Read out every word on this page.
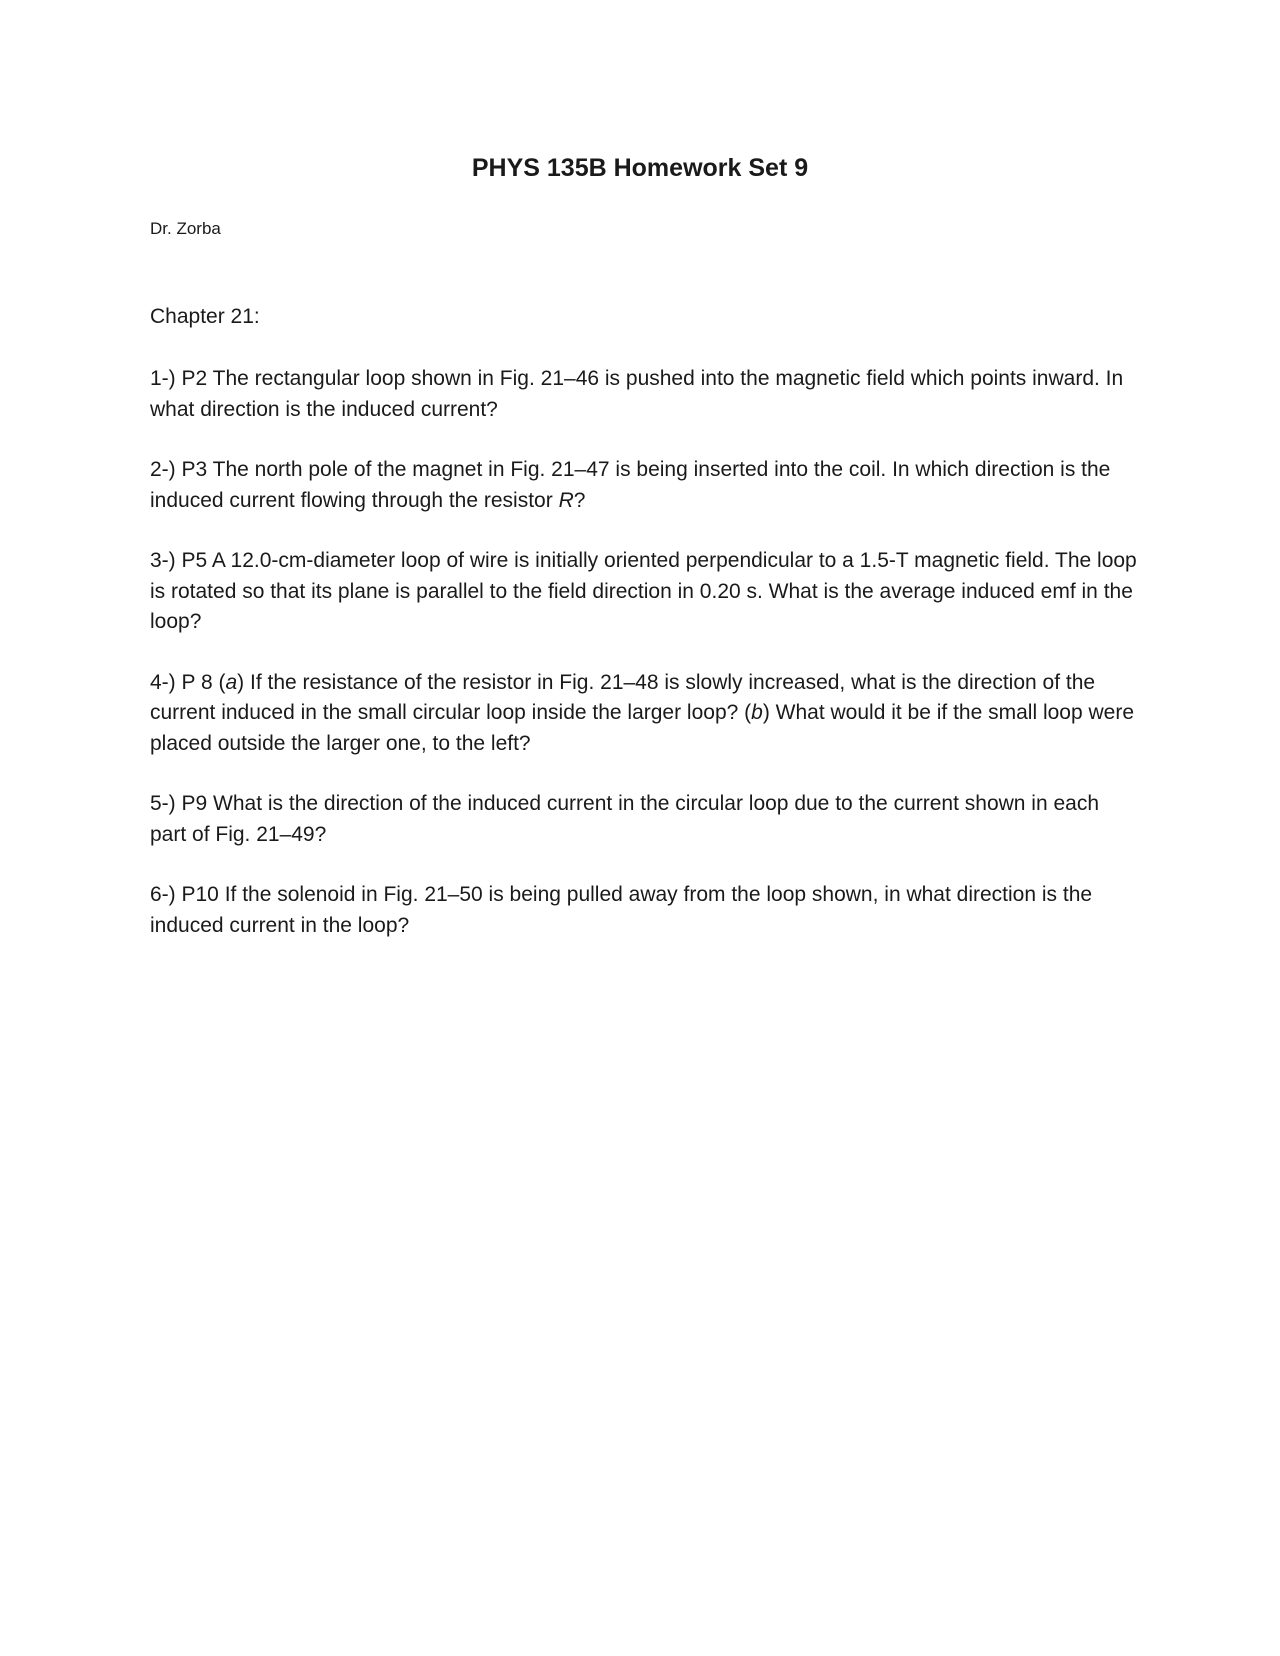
PHYS 135B Homework Set 9

Dr. Zorba

Chapter 21:

1-) P2 The rectangular loop shown in Fig. 21–46 is pushed into the magnetic field which points inward. In what direction is the induced current?
2-) P3 The north pole of the magnet in Fig. 21–47 is being inserted into the coil. In which direction is the induced current flowing through the resistor R?
3-) P5 A 12.0-cm-diameter loop of wire is initially oriented perpendicular to a 1.5-T magnetic field. The loop is rotated so that its plane is parallel to the field direction in 0.20 s. What is the average induced emf in the loop?
4-) P 8 (a) If the resistance of the resistor in Fig. 21–48 is slowly increased, what is the direction of the current induced in the small circular loop inside the larger loop? (b) What would it be if the small loop were placed outside the larger one, to the left?
5-) P9 What is the direction of the induced current in the circular loop due to the current shown in each part of Fig. 21–49?
6-) P10 If the solenoid in Fig. 21–50 is being pulled away from the loop shown, in what direction is the induced current in the loop?
